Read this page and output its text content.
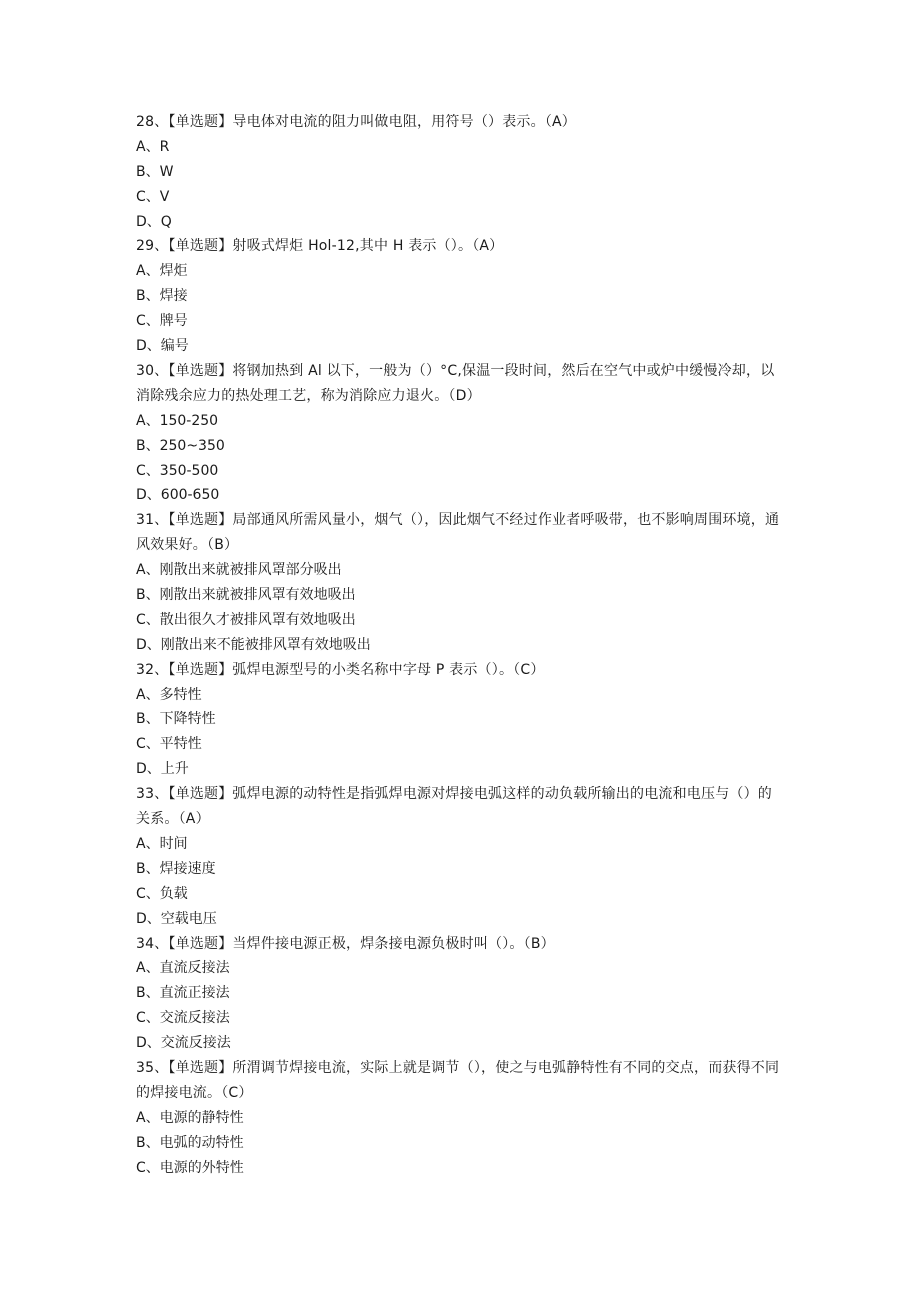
28、【单选题】导电体对电流的阻力叫做电阻，用符号（）表示。（A）
A、 R
B、 W
C、 V
D、 Q
29、【单选题】射吸式焊炬 Hol-12,其中 H 表示（）。（A）
A、 焊炬
B、 焊接
C、 牌号
D、 编号
30、【单选题】将钢加热到 Al 以下，一般为（）°C,保温一段时间，然后在空气中或炉中缓慢冷却，以消除残余应力的热处理工艺，称为消除应力退火。（D）
A、 150-250
B、 250~350
C、 350-500
D、 600-650
31、【单选题】局部通风所需风量小，烟气（），因此烟气不经过作业者呼吸带，也不影响周围环境，通风效果好。（B）
A、 刚散出来就被排风罩部分吸出
B、 刚散出来就被排风罩有效地吸出
C、 散出很久才被排风罩有效地吸出
D、 刚散出来不能被排风罩有效地吸出
32、【单选题】弧焊电源型号的小类名称中字母 P 表示（）。（C）
A、 多特性
B、 下降特性
C、 平特性
D、 上升
33、【单选题】弧焊电源的动特性是指弧焊电源对焊接电弧这样的动负载所输出的电流和电压与（）的关系。（A）
A、 时间
B、 焊接速度
C、 负载
D、 空载电压
34、【单选题】当焊件接电源正极，焊条接电源负极时叫（）。（B）
A、 直流反接法
B、 直流正接法
C、 交流反接法
D、 交流反接法
35、【单选题】所渭调节焊接电流，实际上就是调节（），使之与电弧静特性有不同的交点，而获得不同的焊接电流。（C）
A、 电源的静特性
B、 电弧的动特性
C、 电源的外特性
